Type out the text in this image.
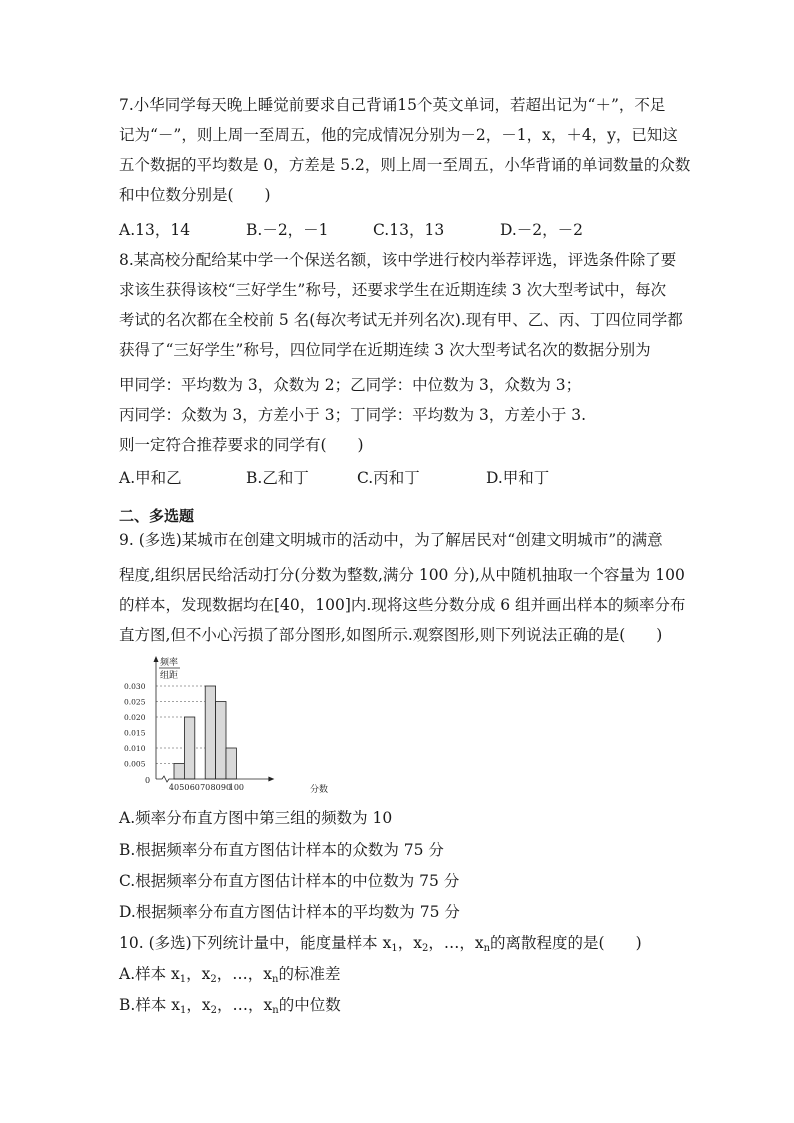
7.小华同学每天晚上睡觉前要求自己背诵15个英文单词，若超出记为“＋”，不足
记为“－”，则上周一至周五，他的完成情况分别为－2，－1，x，＋4，y，已知这
五个数据的平均数是 0，方差是 5.2，则上周一至周五，小华背诵的单词数量的众数
和中位数分别是(　　)
A.13，14	B.－2，－1	C.13，13	D.－2，－2
8.某高校分配给某中学一个保送名额，该中学进行校内举荐评选，评选条件除了要
求该生获得该校“三好学生”称号，还要求学生在近期连续 3 次大型考试中，每次
考试的名次都在全校前 5 名(每次考试无并列名次).现有甲、乙、丙、丁四位同学都
获得了“三好学生”称号，四位同学在近期连续 3 次大型考试名次的数据分别为
甲同学：平均数为 3，众数为 2；乙同学：中位数为 3，众数为 3；
丙同学：众数为 3，方差小于 3；丁同学：平均数为 3，方差小于 3.
则一定符合推荐要求的同学有(　　)
A.甲和乙	B.乙和丁	C.丙和丁	D.甲和丁
二、多选题
9. (多选)某城市在创建文明城市的活动中，为了解居民对“创建文明城市”的满意
程度,组织居民给活动打分(分数为整数,满分 100 分),从中随机抽取一个容量为 100
的样本，发现数据均在[40，100]内.现将这些分数分成 6 组并画出样本的频率分布
直方图,但不小心污损了部分图形,如图所示.观察图形,则下列说法正确的是(　　)
0.030
0.025
0.020
0.015
0.010
0.005
40 50 60 70 80 90
100
频率
组距
分数
0
A.频率分布直方图中第三组的频数为 10
B.根据频率分布直方图估计样本的众数为 75 分
C.根据频率分布直方图估计样本的中位数为 75 分
D.根据频率分布直方图估计样本的平均数为 75 分
10. (多选)下列统计量中，能度量样本 $x_1$，$x_2$，…，$x_n$的离散程度的是(　　)
A.样本 $x_1$，$x_2$，…，$x_n$的标准差
B.样本 $x_1$，$x_2$，…，$x_n$的中位数
